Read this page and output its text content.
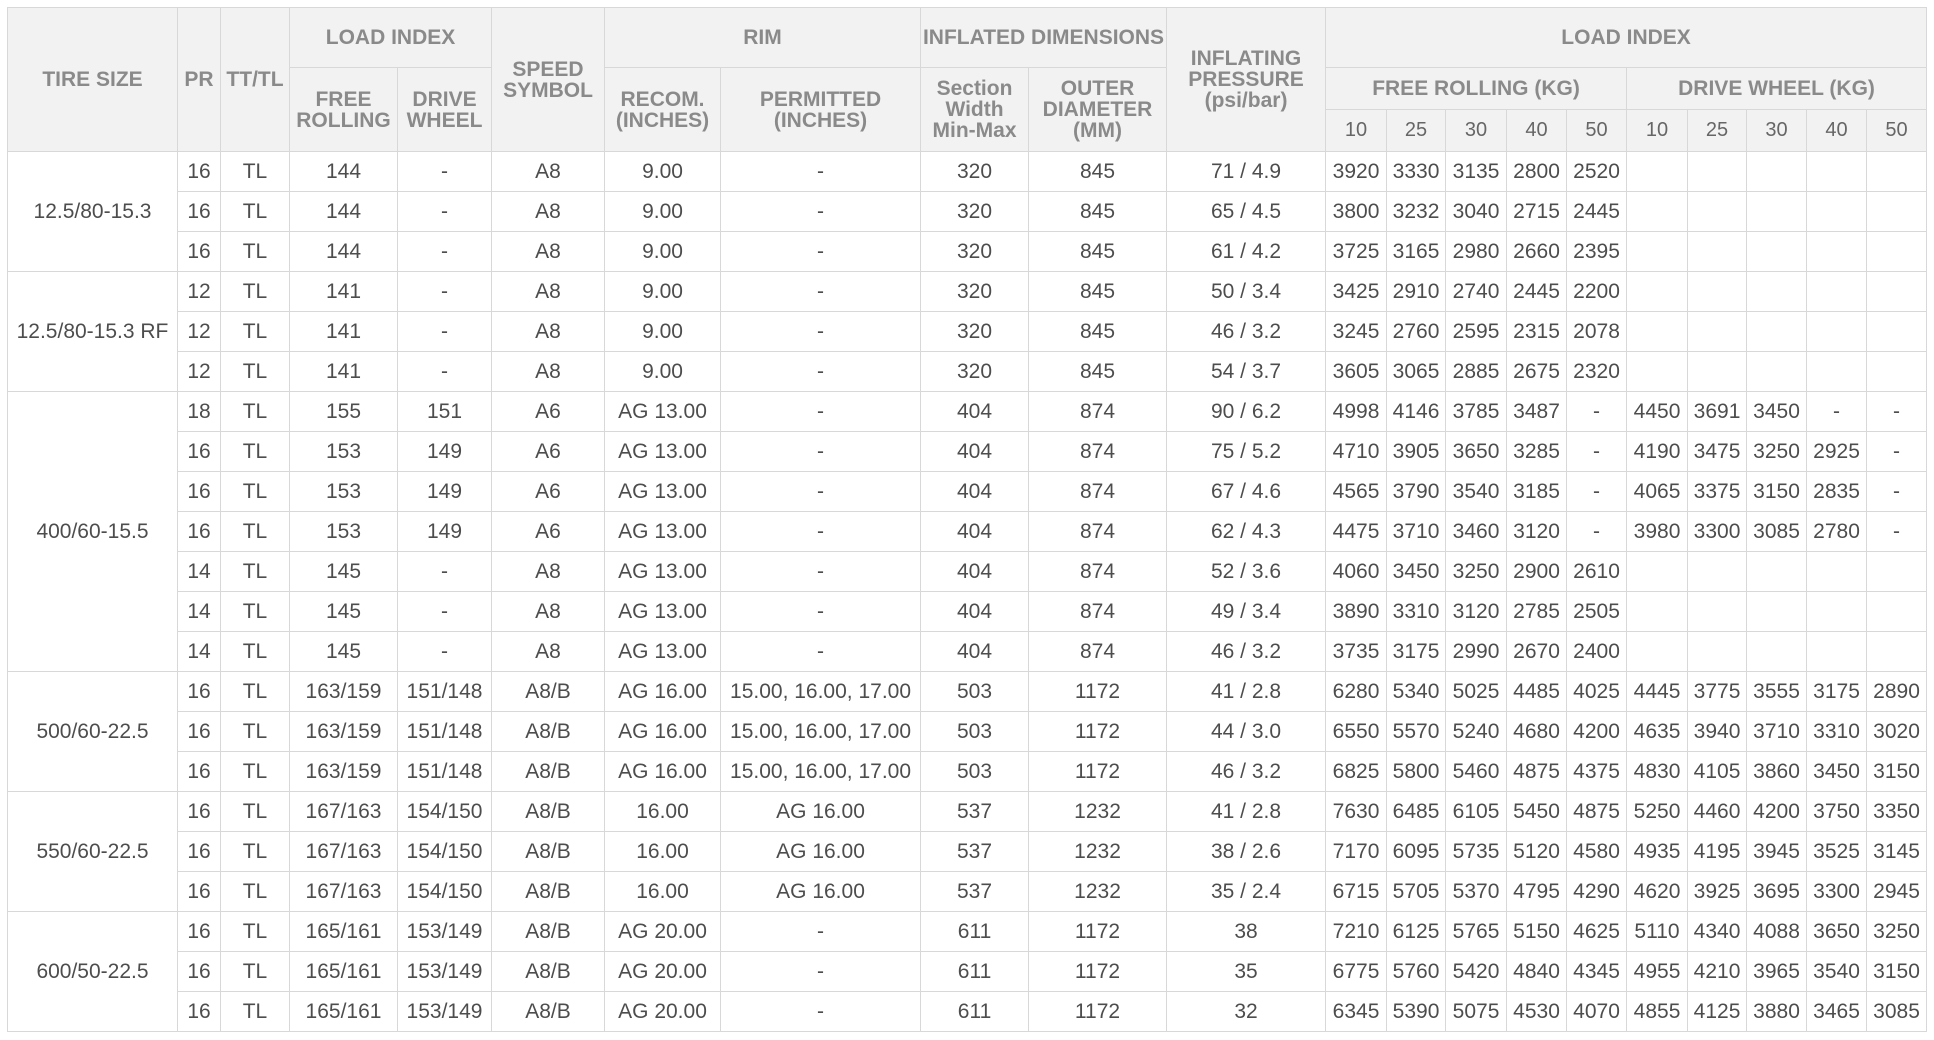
TIRE SIZE	PR	TT/TL	LOAD INDEX		SPEED SYMBOL	RIM		INFLATED DIMENSIONS		INFLATING PRESSURE (psi/bar)	LOAD INDEX									
			FREE ROLLING	DRIVE WHEEL		RECOM. (INCHES)	PERMITTED (INCHES)	Section Width Min-Max	OUTER DIAMETER (MM)		FREE ROLLING (KG)					DRIVE WHEEL (KG)				
											10	25	30	40	50	10	25	30	40	50
12.5/80-15.3	16	TL	144	-	A8	9.00	-	320	845	71 / 4.9	3920	3330	3135	2800	2520					
	16	TL	144	-	A8	9.00	-	320	845	65 / 4.5	3800	3232	3040	2715	2445					
	16	TL	144	-	A8	9.00	-	320	845	61 / 4.2	3725	3165	2980	2660	2395					
12.5/80-15.3 RF	12	TL	141	-	A8	9.00	-	320	845	50 / 3.4	3425	2910	2740	2445	2200					
	12	TL	141	-	A8	9.00	-	320	845	46 / 3.2	3245	2760	2595	2315	2078					
	12	TL	141	-	A8	9.00	-	320	845	54 / 3.7	3605	3065	2885	2675	2320					
400/60-15.5	18	TL	155	151	A6	AG 13.00	-	404	874	90 / 6.2	4998	4146	3785	3487	-	4450	3691	3450	-	-
	16	TL	153	149	A6	AG 13.00	-	404	874	75 / 5.2	4710	3905	3650	3285	-	4190	3475	3250	2925	-
	16	TL	153	149	A6	AG 13.00	-	404	874	67 / 4.6	4565	3790	3540	3185	-	4065	3375	3150	2835	-
	16	TL	153	149	A6	AG 13.00	-	404	874	62 / 4.3	4475	3710	3460	3120	-	3980	3300	3085	2780	-
	14	TL	145	-	A8	AG 13.00	-	404	874	52 / 3.6	4060	3450	3250	2900	2610					
	14	TL	145	-	A8	AG 13.00	-	404	874	49 / 3.4	3890	3310	3120	2785	2505					
	14	TL	145	-	A8	AG 13.00	-	404	874	46 / 3.2	3735	3175	2990	2670	2400					
500/60-22.5	16	TL	163/159	151/148	A8/B	AG 16.00	15.00, 16.00, 17.00	503	1172	41 / 2.8	6280	5340	5025	4485	4025	4445	3775	3555	3175	2890
	16	TL	163/159	151/148	A8/B	AG 16.00	15.00, 16.00, 17.00	503	1172	44 / 3.0	6550	5570	5240	4680	4200	4635	3940	3710	3310	3020
	16	TL	163/159	151/148	A8/B	AG 16.00	15.00, 16.00, 17.00	503	1172	46 / 3.2	6825	5800	5460	4875	4375	4830	4105	3860	3450	3150
550/60-22.5	16	TL	167/163	154/150	A8/B	16.00	AG 16.00	537	1232	41 / 2.8	7630	6485	6105	5450	4875	5250	4460	4200	3750	3350
	16	TL	167/163	154/150	A8/B	16.00	AG 16.00	537	1232	38 / 2.6	7170	6095	5735	5120	4580	4935	4195	3945	3525	3145
	16	TL	167/163	154/150	A8/B	16.00	AG 16.00	537	1232	35 / 2.4	6715	5705	5370	4795	4290	4620	3925	3695	3300	2945
600/50-22.5	16	TL	165/161	153/149	A8/B	AG 20.00	-	611	1172	38	7210	6125	5765	5150	4625	5110	4340	4088	3650	3250
	16	TL	165/161	153/149	A8/B	AG 20.00	-	611	1172	35	6775	5760	5420	4840	4345	4955	4210	3965	3540	3150
	16	TL	165/161	153/149	A8/B	AG 20.00	-	611	1172	32	6345	5390	5075	4530	4070	4855	4125	3880	3465	3085
